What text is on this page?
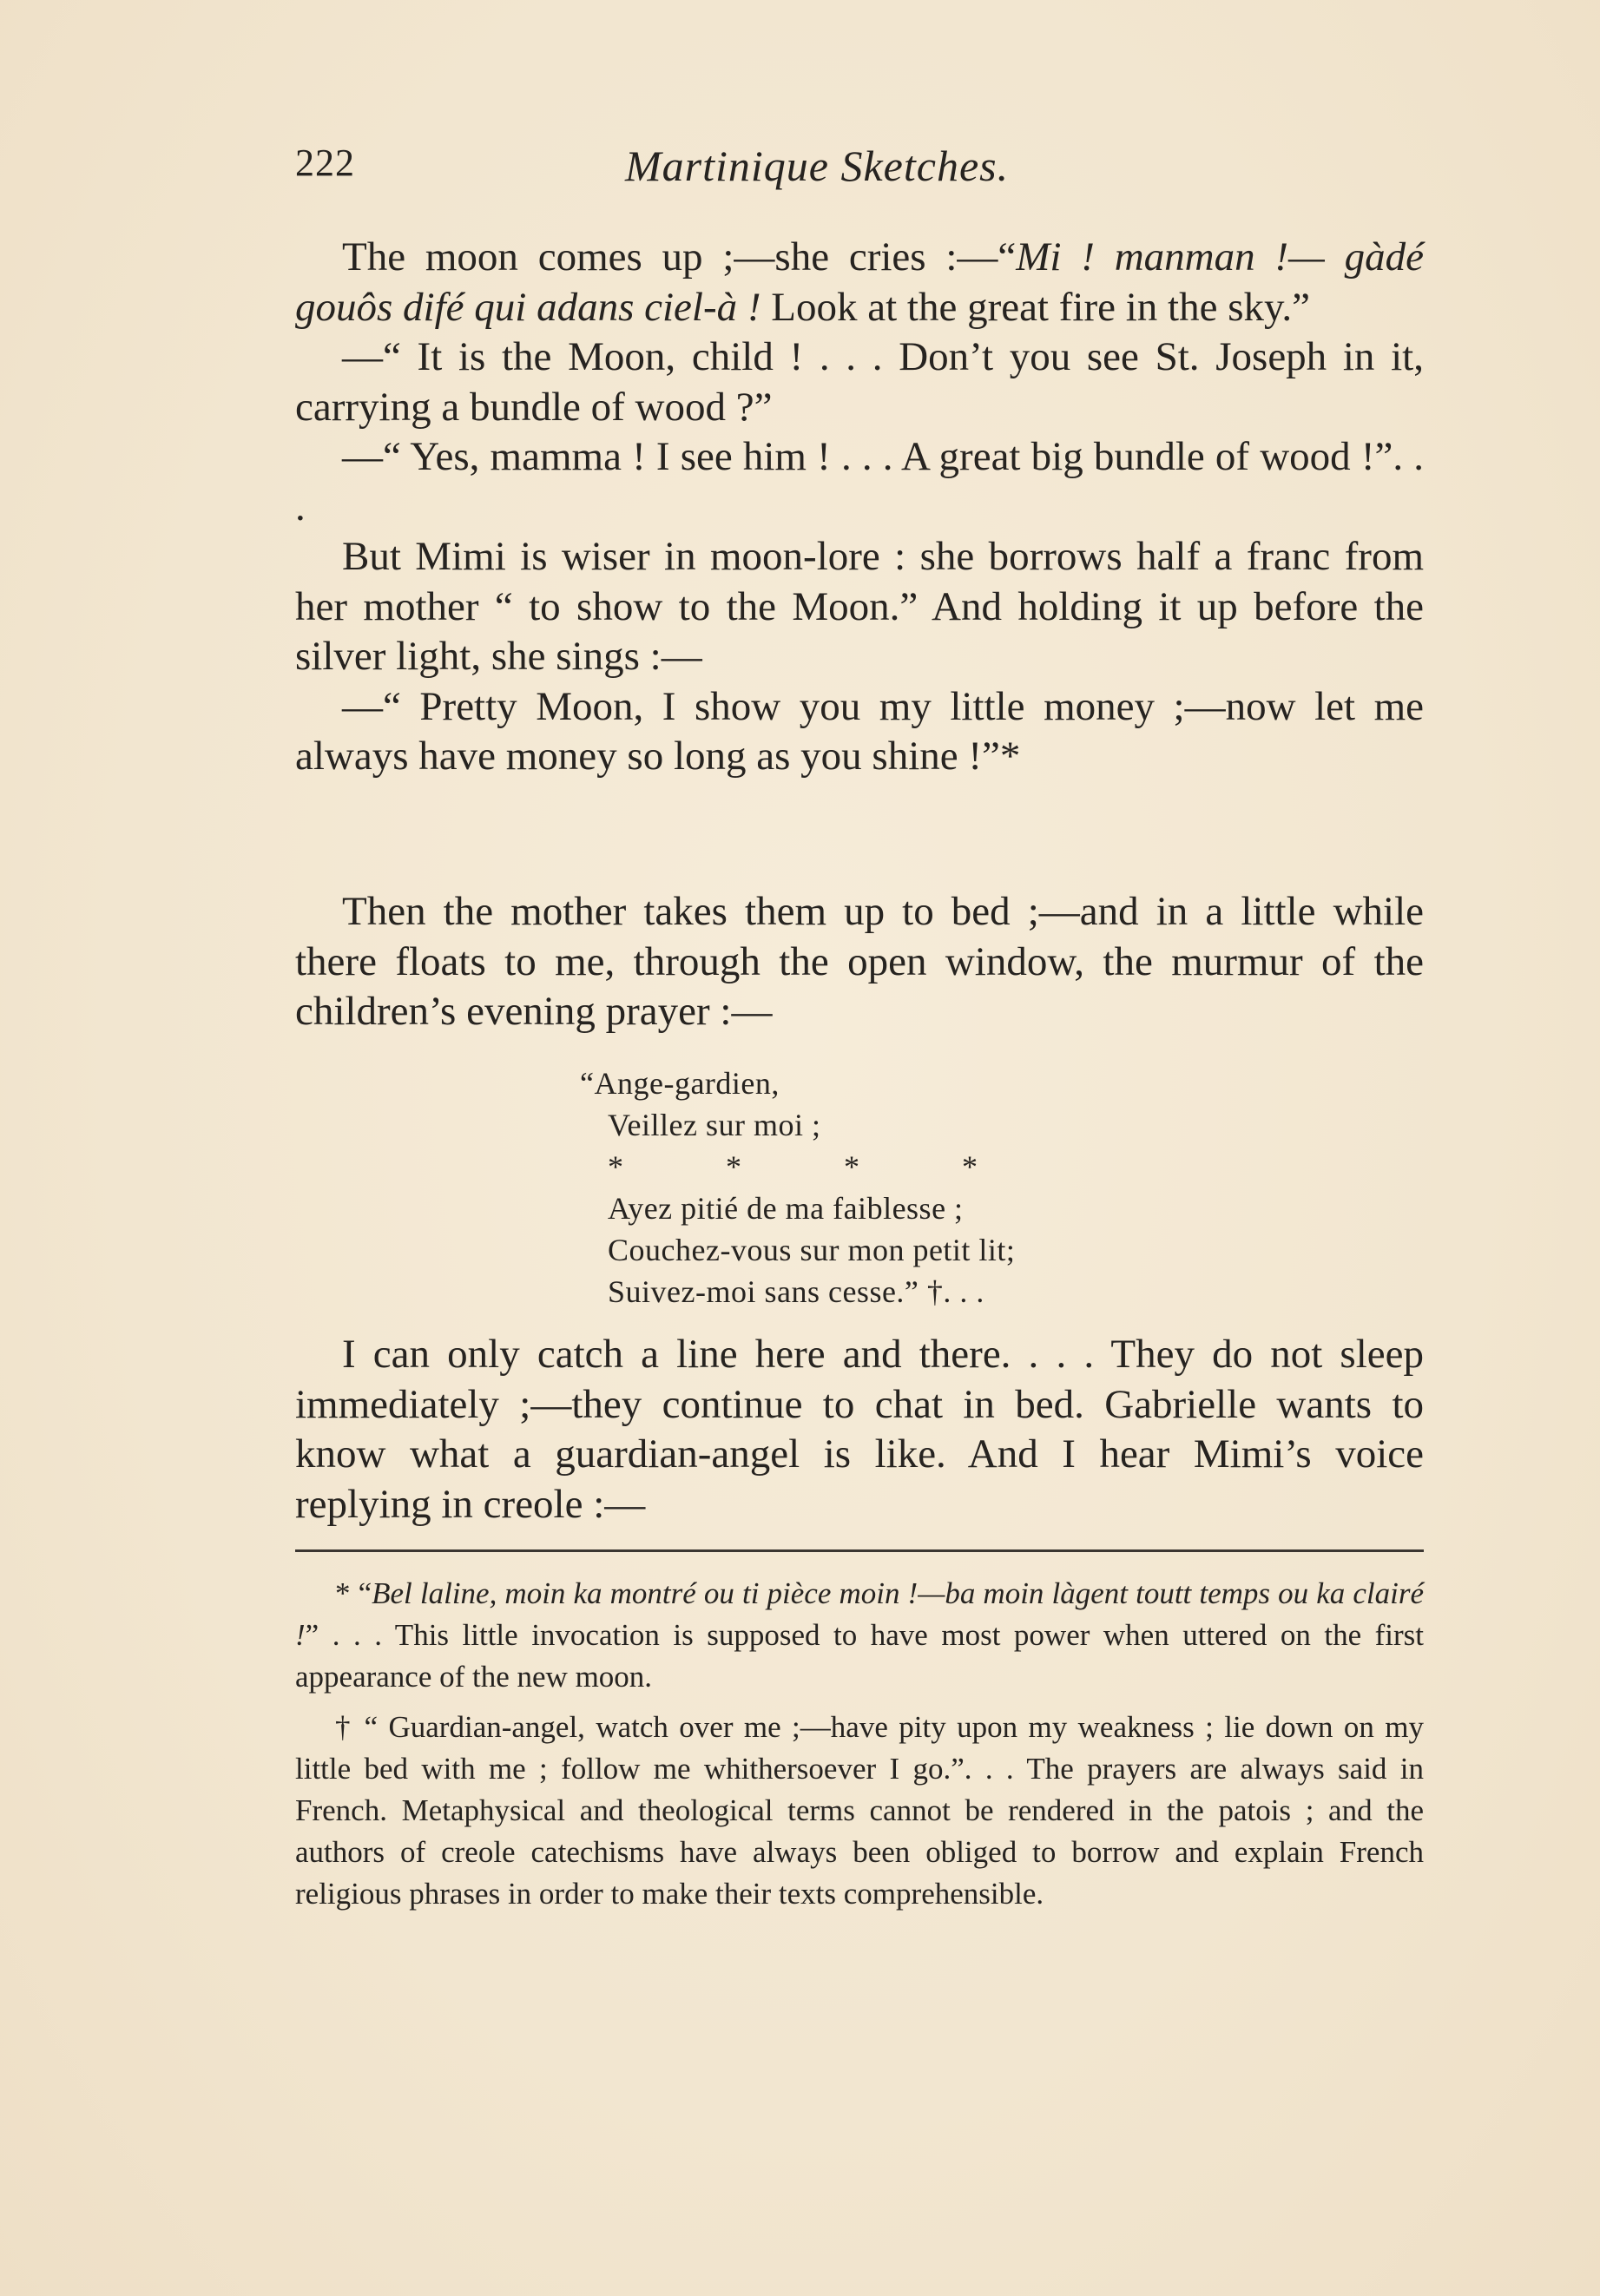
222	Martinique Sketches.

The moon comes up ;—she cries :—“Mi ! manman !— gàdé gouôs difé qui adans ciel-à ! Look at the great fire in the sky.”

—“ It is the Moon, child ! . . . Don’t you see St. Joseph in it, carrying a bundle of wood ?”

—“ Yes, mamma ! I see him ! . . . A great big bundle of wood !”. . .

But Mimi is wiser in moon-lore : she borrows half a franc from her mother “ to show to the Moon.” And holding it up before the silver light, she sings :—

—“ Pretty Moon, I show you my little money ;—now let me always have money so long as you shine !”*

Then the mother takes them up to bed ;—and in a little while there floats to me, through the open window, the murmur of the children’s evening prayer :—

“Ange-gardien,
Veillez sur moi ;
*	*	*	*
Ayez pitié de ma faiblesse ;
Couchez-vous sur mon petit lit;
Suivez-moi sans cesse.” †. . .

I can only catch a line here and there. . . . They do not sleep immediately ;—they continue to chat in bed. Gabrielle wants to know what a guardian-angel is like. And I hear Mimi’s voice replying in creole :—

* “Bel laline, moin ka montré ou ti pièce moin !—ba moin làgent toutt temps ou ka clairé !” . . . This little invocation is supposed to have most power when uttered on the first appearance of the new moon.

† “ Guardian-angel, watch over me ;—have pity upon my weakness ; lie down on my little bed with me ; follow me whithersoever I go.”. . . The prayers are always said in French. Metaphysical and theological terms cannot be rendered in the patois ; and the authors of creole catechisms have always been obliged to borrow and explain French religious phrases in order to make their texts comprehensible.
